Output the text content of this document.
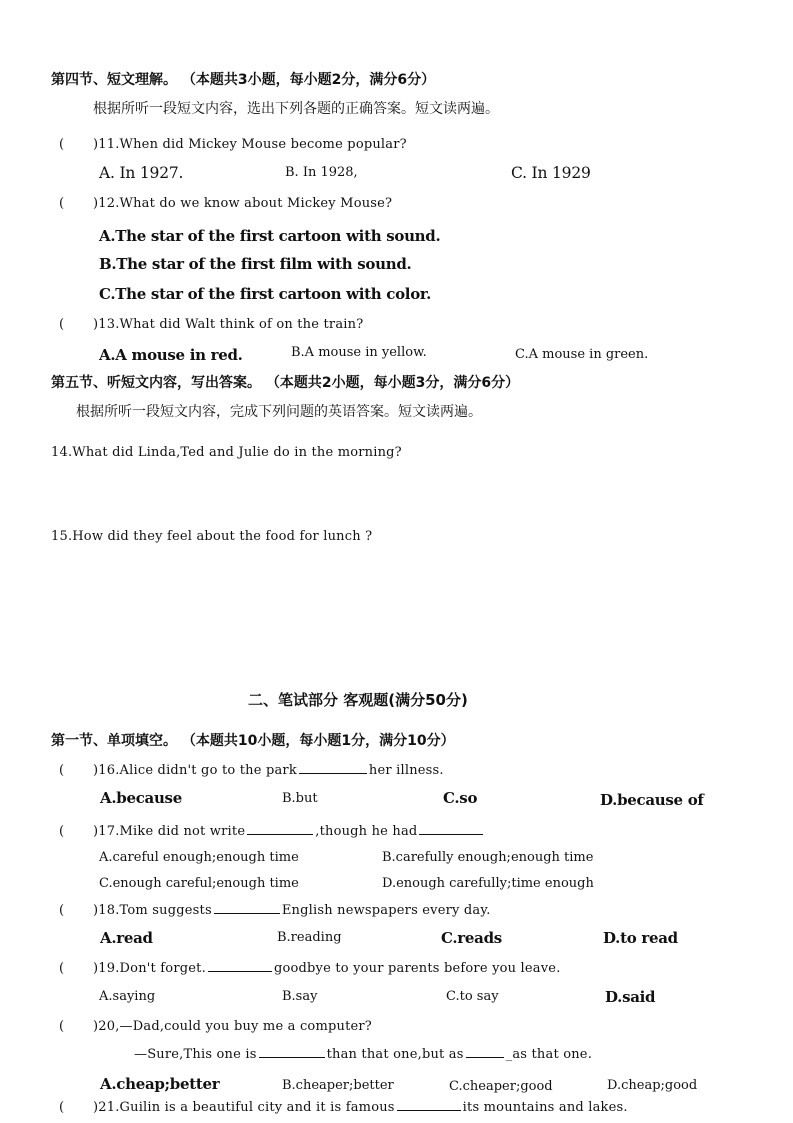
第四节、短文理解。 （本题共3小题，每小题2分，满分6分）
根据所听一段短文内容，选出下列各题的正确答案。短文读两遍。
( )11.When did Mickey Mouse become popular?
A. In 1927.	B. In 1928,	C. In 1929
( )12.What do we know about Mickey Mouse?
A.The star of the first cartoon with sound.
B.The star of the first film with sound.
C.The star of the first cartoon with color.
( )13.What did Walt think of on the train?
A.A mouse in red.	B.A mouse in yellow.	C.A mouse in green.
第五节、听短文内容，写出答案。 （本题共2小题，每小题3分，满分6分）
根据所听一段短文内容，完成下列问题的英语答案。短文读两遍。
14.What did Linda,Ted and Julie do in the morning?
15.How did they feel about the food for lunch ?
二、笔试部分 客观题(满分50分)
第一节、单项填空。 （本题共10小题，每小题1分，满分10分）
( )16.Alice didn't go to the park	her illness.
A.because	B.but	C.so	D.because of
( )17.Mike did not write	,though he had
A.careful enough;enough time	B.carefully enough;enough time
C.enough careful;enough time	D.enough carefully;time enough
( )18.Tom suggests	English newspapers every day.
A.read	B.reading	C.reads	D.to read
( )19.Don't forget.	goodbye to your parents before you leave.
A.saying	B.say	C.to say	D.said
( )20,—Dad,could you buy me a computer?
—Sure,This one is	than that one,but as	_as that one.
A.cheap;better	B.cheaper;better	C.cheaper;good	D.cheap;good
( )21.Guilin is a beautiful city and it is famous	its mountains and lakes.
